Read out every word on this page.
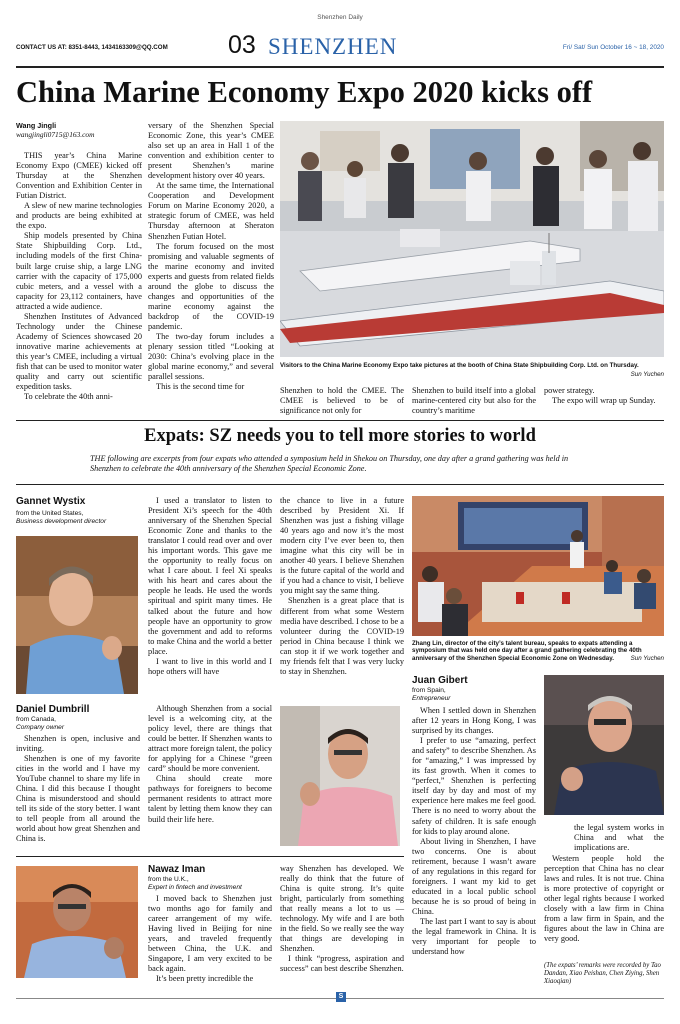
Shenzhen Daily
CONTACT US AT: 8351-8443, 1434163309@QQ.COM 03 SHENZHEN	Fri/ Sat/ Sun October 16 ~ 18, 2020
China Marine Economy Expo 2020 kicks off
Wang Jingli
wangjingli0715@163.com

THIS year’s China Marine Economy Expo (CMEE) kicked off Thursday at the Shenzhen Convention and Exhibition Center in Futian District.

A slew of new marine technologies and products are being exhibited at the expo.

Ship models presented by China State Shipbuilding Corp. Ltd., including models of the first China-built large cruise ship, a large LNG carrier with the capacity of 175,000 cubic meters, and a vessel with a capacity for 23,112 containers, have attracted a wide audience.

Shenzhen Institutes of Advanced Technology under the Chinese Academy of Sciences showcased 20 innovative marine achievements at this year’s CMEE, including a virtual fish that can be used to monitor water quality and carry out scientific expedition tasks.

To celebrate the 40th anni-

versary of the Shenzhen Special Economic Zone, this year’s CMEE also set up an area in Hall 1 of the convention and exhibition center to present Shenzhen’s marine development history over 40 years.

At the same time, the International Cooperation and Development Forum on Marine Economy 2020, a strategic forum of CMEE, was held Thursday afternoon at Sheraton Shenzhen Futian Hotel.

The forum focused on the most promising and valuable segments of the marine economy and invited experts and guests from related fields around the globe to discuss the changes and opportunities of the marine economy against the backdrop of the COVID-19 pandemic.

The two-day forum includes a plenary session titled “Looking at 2030: China’s evolving place in the global marine economy,” and several parallel sessions.

This is the second time for

Visitors to the China Marine Economy Expo take pictures at the booth of China State Shipbuilding Corp. Ltd. on Thursday.
Sun Yuchen

Shenzhen to hold the CMEE. The CMEE is believed to be of significance not only for

Shenzhen to build itself into a global marine-centered city but also for the country’s maritime

power strategy.

The expo will wrap up Sunday.

Expats: SZ needs you to tell more stories to world
THE following are excerpts from four expats who attended a symposium held in Shekou on Thursday, one day after a grand gathering was held in Shenzhen to celebrate the 40th anniversary of the Shenzhen Special Economic Zone.
Gannet Wystix
from the United States,
Business development director

I used a translator to listen to President Xi’s speech for the 40th anniversary of the Shenzhen Special Economic Zone and thanks to the translator I could read over and over his important words. This gave me the opportunity to really focus on what I care about. I feel Xi speaks with his heart and cares about the people he leads. He used the words spiritual and spirit many times. He talked about the future and how people have an opportunity to grow the government and add to reforms to make China and the world a better place.

I want to live in this world and I hope others will have

the chance to live in a future described by President Xi. If Shenzhen was just a fishing village 40 years ago and now it’s the most modern city I’ve ever been to, then imagine what this city will be in another 40 years. I believe Shenzhen is the future capital of the world and if you had a chance to visit, I believe you might say the same thing.

Shenzhen is a great place that is different from what some Western media have described. I chose to be a volunteer during the COVID-19 period in China because I think we can stop it if we work together and my friends felt that I was very lucky to stay in Shenzhen.

Zhang Lin, director of the city’s talent bureau, speaks to expats attending a symposium that was held one day after a grand gathering celebrating the 40th anniversary of the Shenzhen Special Economic Zone on Wednesday.	Sun Yuchen
Daniel Dumbrill
from Canada,
Company owner

Shenzhen is open, inclusive and inviting.

Shenzhen is one of my favorite cities in the world and I have my YouTube channel to share my life in China. I did this because I thought China is misunderstood and should tell its side of the story better. I want to tell people from all around the world about how great Shenzhen and China is.

Although Shenzhen from a social level is a welcoming city, at the policy level, there are things that could be better. If Shenzhen wants to attract more foreign talent, the policy for applying for a Chinese “green card” should be more convenient.

China should create more pathways for foreigners to become permanent residents to attract more talent by letting them know they can build their life here.

Juan Gibert
from Spain,
Entrepreneur

When I settled down in Shenzhen after 12 years in Hong Kong, I was surprised by its changes.

I prefer to use “amazing, perfect and safety” to describe Shenzhen. As for “amazing,” I was impressed by its fast growth. When it comes to “perfect,” Shenzhen is perfecting itself day by day and most of my experience here makes me feel good. There is no need to worry about the safety of children. It is safe enough for kids to play around alone.

About living in Shenzhen, I have two concerns. One is about retirement, because I wasn’t aware of any regulations in this regard for foreigners. I want my kid to get educated in a local public school because he is so proud of being in China.

The last part I want to say is about the legal framework in China. It is very important for people to understand how

the legal system works in China and what the implications are.

Western people hold the perception that China has no clear laws and rules. It is not true. China is more protective of copyright or other legal rights because I worked closely with a law firm in China from a law firm in Spain, and the figures about the law in China are very good.

(The expats’ remarks were recorded by Tao Dandan, Xiao Peishan, Chen Ziying, Shen Xiaoqian)
Nawaz Iman
from the U.K.,
Expert in fintech and investment

I moved back to Shenzhen just two months ago for family and career arrangement of my wife. Having lived in Beijing for nine years, and traveled frequently between China, the U.K. and Singapore, I am very excited to be back again.

It’s been pretty incredible the

way Shenzhen has developed. We really do think that the future of China is quite strong. It’s quite bright, particularly from something that really means a lot to us — technology. My wife and I are both in the field. So we really see the way that things are developing in Shenzhen.

I think “progress, aspiration and success” can best describe Shenzhen.

S
